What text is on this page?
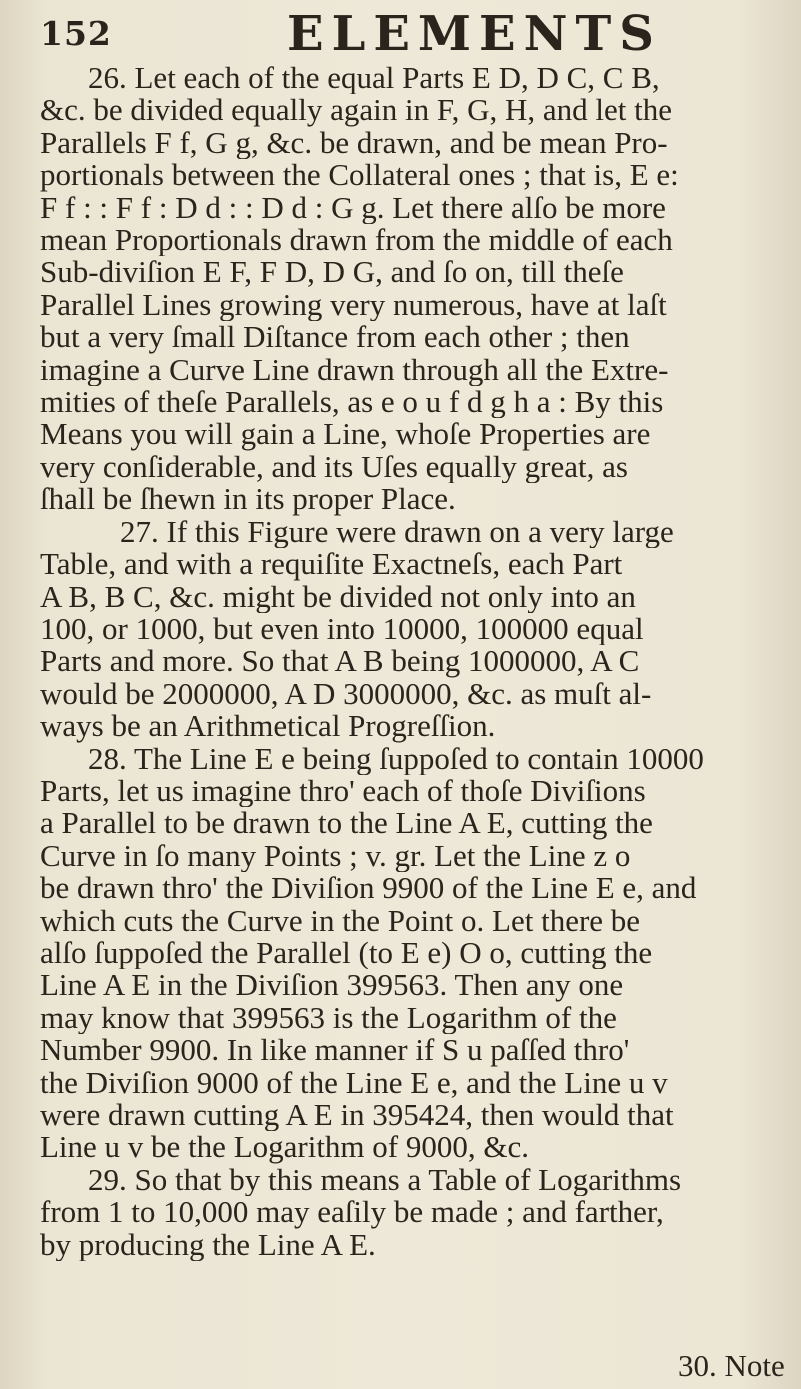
152	ELEMENTS

26. Let each of the equal Parts E D, D C, C B,
&c. be divided equally again in F, G, H, and let the
Parallels F f, G g, &c. be drawn, and be mean Pro-
portionals between the Collateral ones ; that is, E e:
F f : : F f : D d : : D d : G g. Let there alſo be more
mean Proportionals drawn from the middle of each
Sub-diviſion E F, F D, D G, and ſo on, till theſe
Parallel Lines growing very numerous, have at laſt
but a very ſmall Diſtance from each other ; then
imagine a Curve Line drawn through all the Extre-
mities of theſe Parallels, as e o u f d g h a : By this
Means you will gain a Line, whoſe Properties are
very conſiderable, and its Uſes equally great, as
ſhall be ſhewn in its proper Place.

27. If this Figure were drawn on a very large
Table, and with a requiſite Exactneſs, each Part
A B, B C, &c. might be divided not only into an
100, or 1000, but even into 10000, 100000 equal
Parts and more. So that A B being 1000000, A C
would be 2000000, A D 3000000, &c. as muſt al-
ways be an Arithmetical Progreſſion.

28. The Line E e being ſuppoſed to contain 10000
Parts, let us imagine thro' each of thoſe Diviſions
a Parallel to be drawn to the Line A E, cutting the
Curve in ſo many Points ; v. gr. Let the Line z o
be drawn thro' the Diviſion 9900 of the Line E e, and
which cuts the Curve in the Point o. Let there be
alſo ſuppoſed the Parallel (to E e) O o, cutting the
Line A E in the Diviſion 399563. Then any one
may know that 399563 is the Logarithm of the
Number 9900. In like manner if S u paſſed thro'
the Diviſion 9000 of the Line E e, and the Line u v
were drawn cutting A E in 395424, then would that
Line u v be the Logarithm of 9000, &c.

29. So that by this means a Table of Logarithms
from 1 to 10,000 may eaſily be made ; and farther,
by producing the Line A E.

30. Note
